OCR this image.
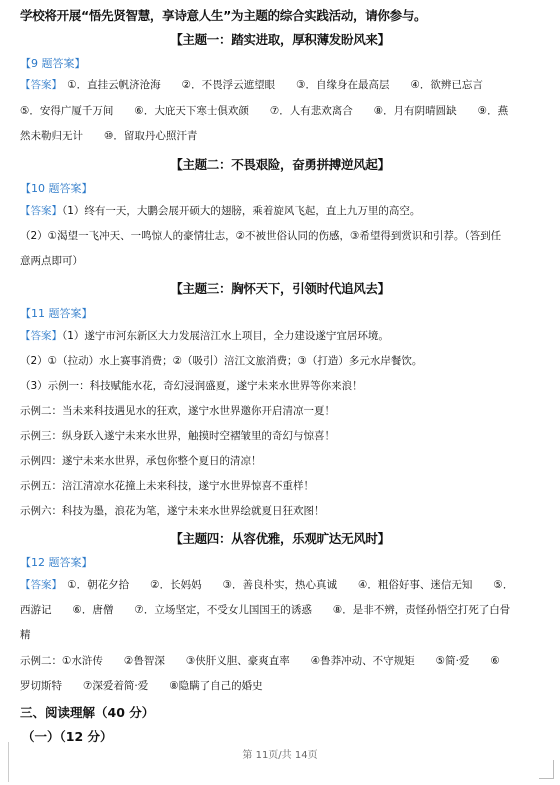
学校将开展“悟先贤智慧，享诗意人生”为主题的综合实践活动，请你参与。
【主题一：踏实进取，厚积薄发盼风来】
【9 题答案】
【答案】　①．直挂云帆济沧海　　②．不畏浮云遮望眼　　③．自缘身在最高层　　④．欲辨已忘言
⑤．安得广厦千万间　　⑥．大庇天下寒士俱欢颜　　⑦．人有悲欢离合　　⑧．月有阴晴圆缺　　⑨．燕
然未勒归无计　　⑩．留取丹心照汗青
【主题二：不畏艰险，奋勇拼搏逆风起】
【10 题答案】
【答案】（1）终有一天，大鹏会展开硕大的翅膀，乘着旋风飞起，直上九万里的高空。
（2）①渴望一飞冲天、一鸣惊人的豪情壮志，②不被世俗认同的伤感，③希望得到赏识和引荐。（答到任
意两点即可）
【主题三：胸怀天下，引领时代追风去】
【11 题答案】
【答案】（1）遂宁市河东新区大力发展涪江水上项目，全力建设遂宁宜居环境。
（2）①（拉动）水上赛事消费；②（吸引）涪江文旅消费；③（打造）多元水岸餐饮。
（3）示例一：科技赋能水花，奇幻浸润盛夏，遂宁未来水世界等你来浪！
示例二：当未来科技遇见水的狂欢，遂宁水世界邀你开启清凉一夏！
示例三：纵身跃入遂宁未来水世界，触摸时空褶皱里的奇幻与惊喜！
示例四：遂宁未来水世界，承包你整个夏日的清凉！
示例五：涪江清凉水花撞上未来科技，遂宁水世界惊喜不重样！
示例六：科技为墨，浪花为笔，遂宁未来水世界绘就夏日狂欢图！
【主题四：从容优雅，乐观旷达无风时】
【12 题答案】
【答案】　①．朝花夕拾　　②．长妈妈　　③．善良朴实，热心真诚　　④．粗俗好事、迷信无知　　⑤．
西游记　　⑥．唐僧　　⑦．立场坚定，不受女儿国国王的诱惑　　⑧．是非不辨，责怪孙悟空打死了白骨
精
示例二：①水浒传　　②鲁智深　　③侠肝义胆、豪爽直率　　④鲁莽冲动、不守规矩　　⑤简·爱　　⑥
罗切斯特　　⑦深爱着简·爱　　⑧隐瞒了自己的婚史
三、阅读理解（40 分）
（一）（12 分）
第 11页/共 14页
